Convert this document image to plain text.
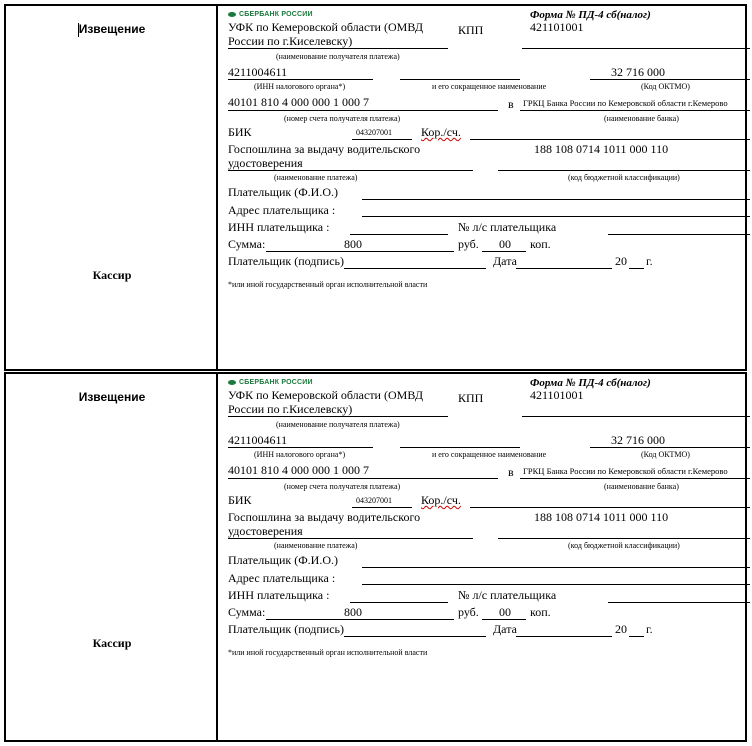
Извещение
Кассир
СБЕРБАНК РОССИИ	Форма № ПД-4 сб(налог)
УФК по Кемеровской области (ОМВД
России по г.Киселевску)
КПП	421101001
(наименование получателя платежа)
4211004611	32 716 000
(ИНН налогового органа*)	и его сокращенное наименование	(Код ОКТМО)
40101 810 4 000 000 1 000 7	в ГРКЦ Банка России по Кемеровской области г.Кемерово
(номер счета получателя платежа)	(наименование банка)
БИК	043207001 Кор./сч.
Госпошлина за выдачу водительского
удостоверения
188 108 0714 1011 000 110
(наименование платежа)	(код бюджетной классификации)
Плательщик (Ф.И.О.)
Адрес плательщика :
ИНН плательщика :	№ л/с плательщика
Сумма:	800	руб. 00 коп.
Плательщик (подпись)	Дата	20 г.
*или иной государственный орган исполнительной власти
Извещение
Кассир
СБЕРБАНК РОССИИ	Форма № ПД-4 сб(налог)
УФК по Кемеровской области (ОМВД
России по г.Киселевску)
КПП	421101001
(наименование получателя платежа)
4211004611	32 716 000
(ИНН налогового органа*)	и его сокращенное наименование	(Код ОКТМО)
40101 810 4 000 000 1 000 7	в ГРКЦ Банка России по Кемеровской области г.Кемерово
(номер счета получателя платежа)	(наименование банка)
БИК	043207001 Кор./сч.
Госпошлина за выдачу водительского
удостоверения
188 108 0714 1011 000 110
(наименование платежа)	(код бюджетной классификации)
Плательщик (Ф.И.О.)
Адрес плательщика :
ИНН плательщика :	№ л/с плательщика
Сумма:	800	руб. 00 коп.
Плательщик (подпись)	Дата	20 г.
*или иной государственный орган исполнительной власти
